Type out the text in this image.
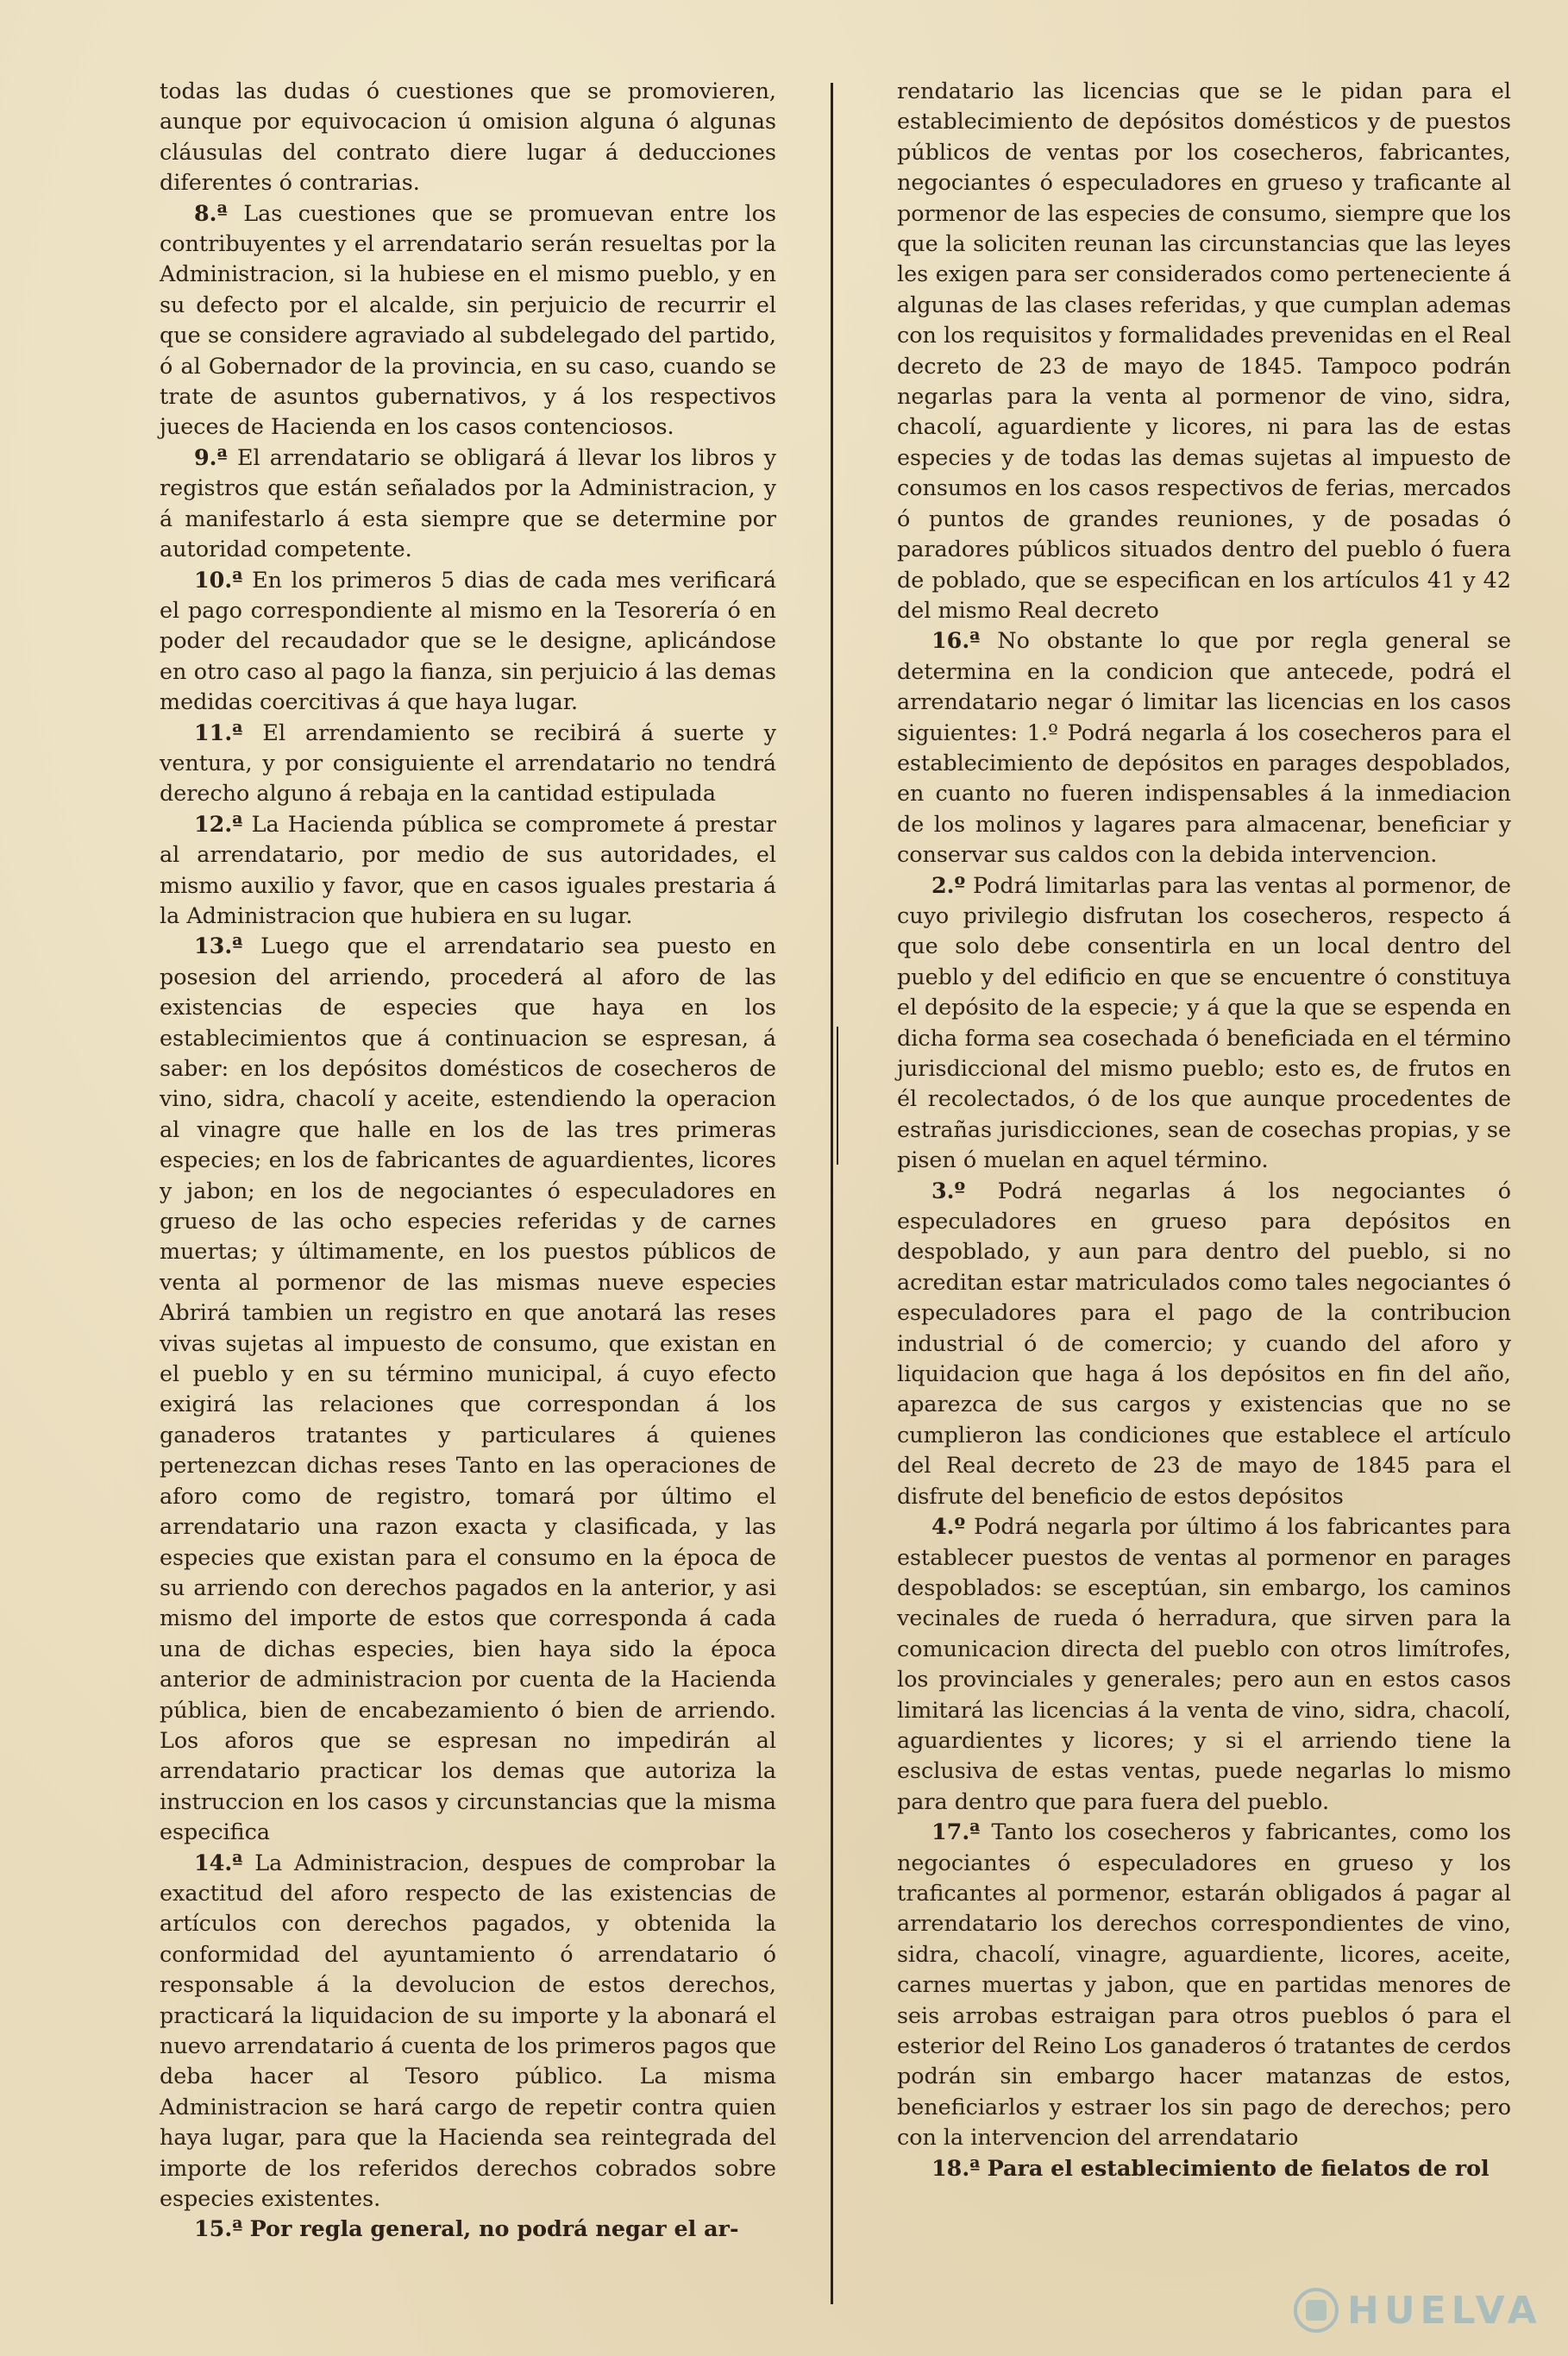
todas las dudas ó cuestiones que se promovieren, aunque por equivocacion ú omision alguna ó algunas cláusulas del contrato diere lugar á deducciones diferentes ó contrarias.

8.ª Las cuestiones que se promuevan entre los contribuyentes y el arrendatario serán resueltas por la Administracion, si la hubiese en el mismo pueblo, y en su defecto por el alcalde, sin perjuicio de recurrir el que se considere agraviado al subdelegado del partido, ó al Gobernador de la provincia, en su caso, cuando se trate de asuntos gubernativos, y á los respectivos jueces de Hacienda en los casos contenciosos.

9.ª El arrendatario se obligará á llevar los libros y registros que están señalados por la Administracion, y á manifestarlo á esta siempre que se determine por autoridad competente.

10.ª En los primeros 5 dias de cada mes verificará el pago correspondiente al mismo en la Tesorería ó en poder del recaudador que se le designe, aplicándose en otro caso al pago la fianza, sin perjuicio á las demas medidas coercitivas á que haya lugar.

11.ª El arrendamiento se recibirá á suerte y ventura, y por consiguiente el arrendatario no tendrá derecho alguno á rebaja en la cantidad estipulada

12.ª La Hacienda pública se compromete á prestar al arrendatario, por medio de sus autoridades, el mismo auxilio y favor, que en casos iguales prestaria á la Administracion que hubiera en su lugar.

13.ª Luego que el arrendatario sea puesto en posesion del arriendo, procederá al aforo de las existencias de especies que haya en los establecimientos que á continuacion se espresan, á saber: en los depósitos domésticos de cosecheros de vino, sidra, chacolí y aceite, estendiendo la operacion al vinagre que halle en los de las tres primeras especies; en los de fabricantes de aguardientes, licores y jabon; en los de negociantes ó especuladores en grueso de las ocho especies referidas y de carnes muertas; y últimamente, en los puestos públicos de venta al pormenor de las mismas nueve especies Abrirá tambien un registro en que anotará las reses vivas sujetas al impuesto de consumo, que existan en el pueblo y en su término municipal, á cuyo efecto exigirá las relaciones que correspondan á los ganaderos tratantes y particulares á quienes pertenezcan dichas reses Tanto en las operaciones de aforo como de registro, tomará por último el arrendatario una razon exacta y clasificada, y las especies que existan para el consumo en la época de su arriendo con derechos pagados en la anterior, y asi mismo del importe de estos que corresponda á cada una de dichas especies, bien haya sido la época anterior de administracion por cuenta de la Hacienda pública, bien de encabezamiento ó bien de arriendo. Los aforos que se espresan no impedirán al arrendatario practicar los demas que autoriza la instruccion en los casos y circunstancias que la misma especifica

14.ª La Administracion, despues de comprobar la exactitud del aforo respecto de las existencias de artículos con derechos pagados, y obtenida la conformidad del ayuntamiento ó arrendatario ó responsable á la devolucion de estos derechos, practicará la liquidacion de su importe y la abonará el nuevo arrendatario á cuenta de los primeros pagos que deba hacer al Tesoro público. La misma Administracion se hará cargo de repetir contra quien haya lugar, para que la Hacienda sea reintegrada del importe de los referidos derechos cobrados sobre especies existentes.

15.ª Por regla general, no podrá negar el ar-

rendatario las licencias que se le pidan para el establecimiento de depósitos domésticos y de puestos públicos de ventas por los cosecheros, fabricantes, negociantes ó especuladores en grueso y traficante al pormenor de las especies de consumo, siempre que los que la soliciten reunan las circunstancias que las leyes les exigen para ser considerados como perteneciente á algunas de las clases referidas, y que cumplan ademas con los requisitos y formalidades prevenidas en el Real decreto de 23 de mayo de 1845. Tampoco podrán negarlas para la venta al pormenor de vino, sidra, chacolí, aguardiente y licores, ni para las de estas especies y de todas las demas sujetas al impuesto de consumos en los casos respectivos de ferias, mercados ó puntos de grandes reuniones, y de posadas ó paradores públicos situados dentro del pueblo ó fuera de poblado, que se especifican en los artículos 41 y 42 del mismo Real decreto

16.ª No obstante lo que por regla general se determina en la condicion que antecede, podrá el arrendatario negar ó limitar las licencias en los casos siguientes: 1.º Podrá negarla á los cosecheros para el establecimiento de depósitos en parages despoblados, en cuanto no fueren indispensables á la inmediacion de los molinos y lagares para almacenar, beneficiar y conservar sus caldos con la debida intervencion.

2.º Podrá limitarlas para las ventas al pormenor, de cuyo privilegio disfrutan los cosecheros, respecto á que solo debe consentirla en un local dentro del pueblo y del edificio en que se encuentre ó constituya el depósito de la especie; y á que la que se espenda en dicha forma sea cosechada ó beneficiada en el término jurisdiccional del mismo pueblo; esto es, de frutos en él recolectados, ó de los que aunque procedentes de estrañas jurisdicciones, sean de cosechas propias, y se pisen ó muelan en aquel término.

3.º Podrá negarlas á los negociantes ó especuladores en grueso para depósitos en despoblado, y aun para dentro del pueblo, si no acreditan estar matriculados como tales negociantes ó especuladores para el pago de la contribucion industrial ó de comercio; y cuando del aforo y liquidacion que haga á los depósitos en fin del año, aparezca de sus cargos y existencias que no se cumplieron las condiciones que establece el artículo del Real decreto de 23 de mayo de 1845 para el disfrute del beneficio de estos depósitos

4.º Podrá negarla por último á los fabricantes para establecer puestos de ventas al pormenor en parages despoblados: se esceptúan, sin embargo, los caminos vecinales de rueda ó herradura, que sirven para la comunicacion directa del pueblo con otros limítrofes, los provinciales y generales; pero aun en estos casos limitará las licencias á la venta de vino, sidra, chacolí, aguardientes y licores; y si el arriendo tiene la esclusiva de estas ventas, puede negarlas lo mismo para dentro que para fuera del pueblo.

17.ª Tanto los cosecheros y fabricantes, como los negociantes ó especuladores en grueso y los traficantes al pormenor, estarán obligados á pagar al arrendatario los derechos correspondientes de vino, sidra, chacolí, vinagre, aguardiente, licores, aceite, carnes muertas y jabon, que en partidas menores de seis arrobas estraigan para otros pueblos ó para el esterior del Reino Los ganaderos ó tratantes de cerdos podrán sin embargo hacer matanzas de estos, beneficiarlos y estraer los sin pago de derechos; pero con la intervencion del arrendatario

18.ª Para el establecimiento de fielatos de rol

HUELVA
